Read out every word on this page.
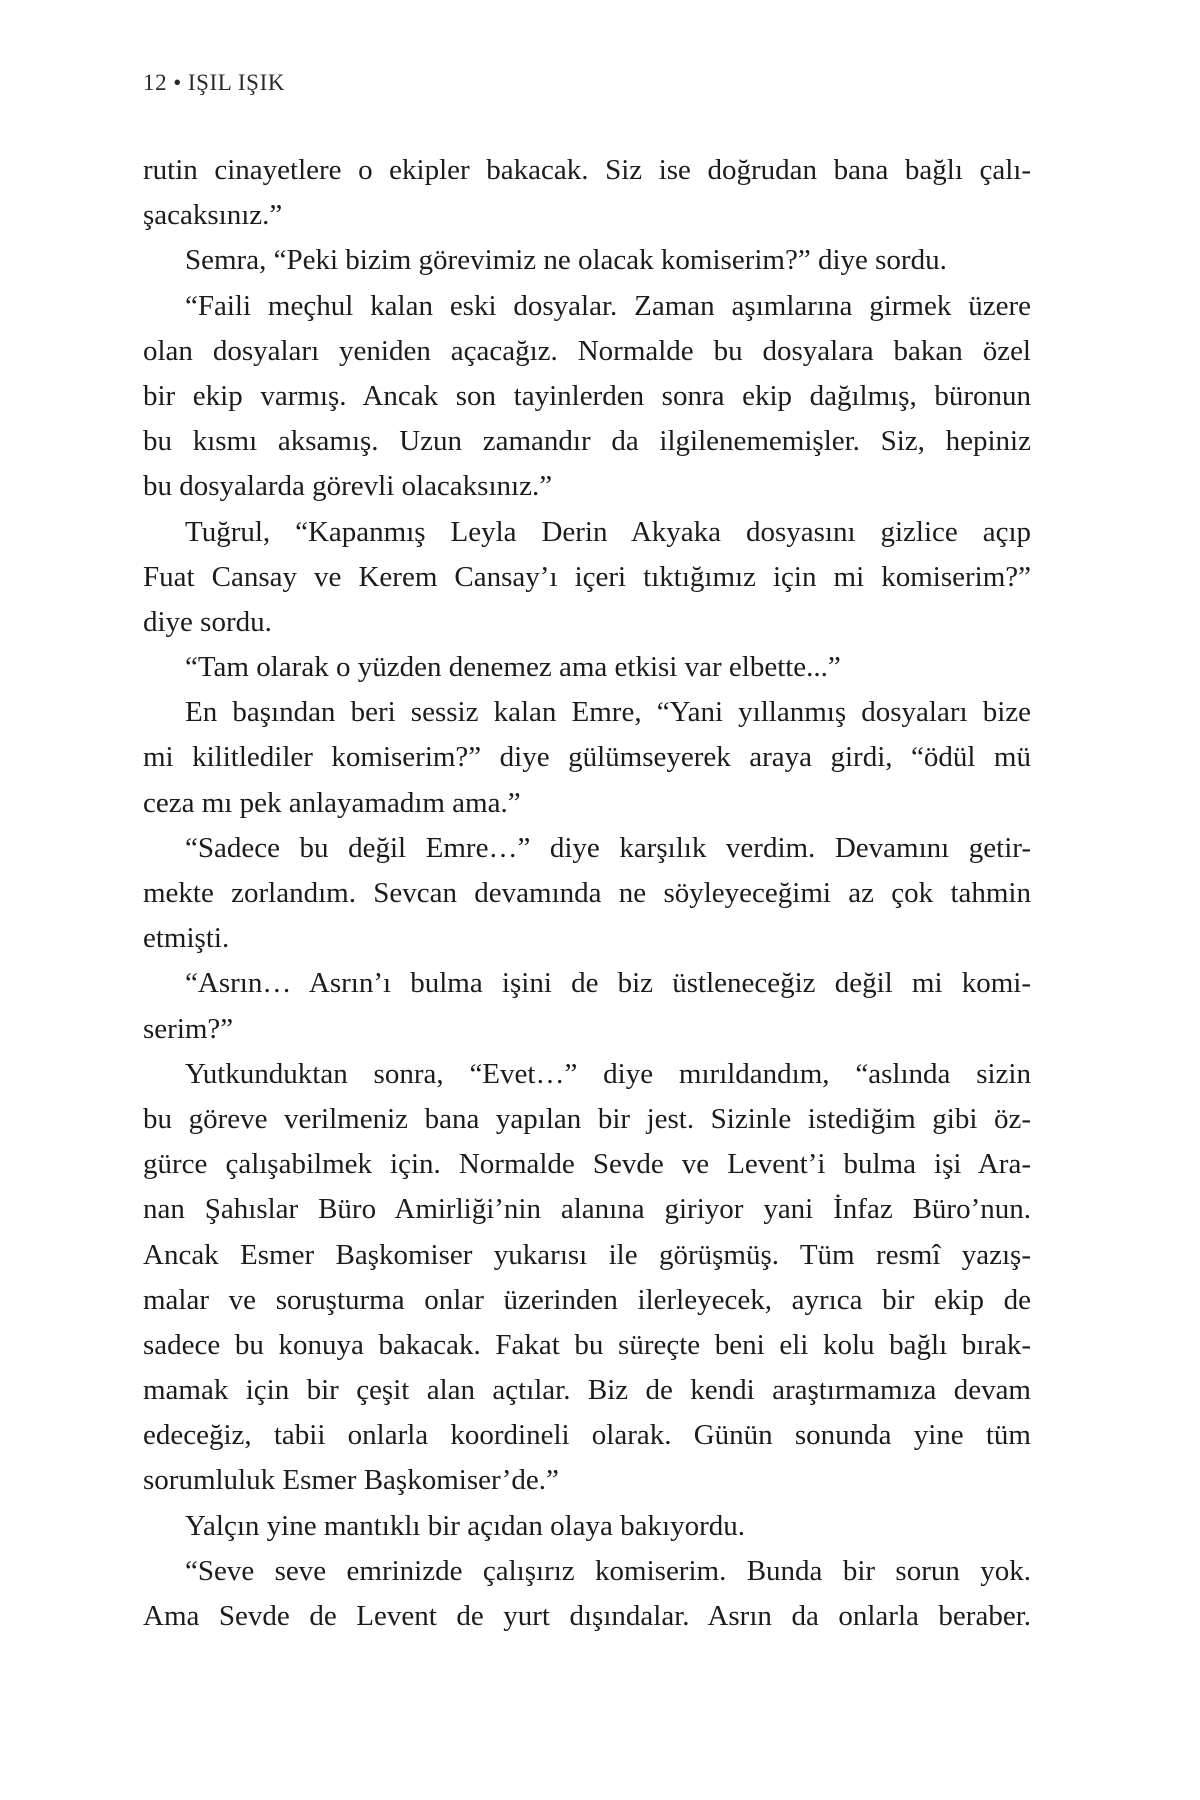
12 • IŞIL IŞIK
rutin cinayetlere o ekipler bakacak. Siz ise doğrudan bana bağlı çalı-
şacaksınız.”
Semra, “Peki bizim görevimiz ne olacak komiserim?” diye sordu.
“Faili meçhul kalan eski dosyalar. Zaman aşımlarına girmek üzere
olan dosyaları yeniden açacağız. Normalde bu dosyalara bakan özel
bir ekip varmış. Ancak son tayinlerden sonra ekip dağılmış, büronun
bu kısmı aksamış. Uzun zamandır da ilgilenememişler. Siz, hepiniz
bu dosyalarda görevli olacaksınız.”
Tuğrul, “Kapanmış Leyla Derin Akyaka dosyasını gizlice açıp
Fuat Cansay ve Kerem Cansay’ı içeri tıktığımız için mi komiserim?”
diye sordu.
“Tam olarak o yüzden denemez ama etkisi var elbette...”
En başından beri sessiz kalan Emre, “Yani yıllanmış dosyaları bize
mi kilitlediler komiserim?” diye gülümseyerek araya girdi, “ödül mü
ceza mı pek anlayamadım ama.”
“Sadece bu değil Emre…” diye karşılık verdim. Devamını getir-
mekte zorlandım. Sevcan devamında ne söyleyeceğimi az çok tahmin
etmişti.
“Asrın… Asrın’ı bulma işini de biz üstleneceğiz değil mi komi-
serim?”
Yutkunduktan sonra, “Evet…” diye mırıldandım, “aslında sizin
bu göreve verilmeniz bana yapılan bir jest. Sizinle istediğim gibi öz-
gürce çalışabilmek için. Normalde Sevde ve Levent’i bulma işi Ara-
nan Şahıslar Büro Amirliği’nin alanına giriyor yani İnfaz Büro’nun.
Ancak Esmer Başkomiser yukarısı ile görüşmüş. Tüm resmî yazış-
malar ve soruşturma onlar üzerinden ilerleyecek, ayrıca bir ekip de
sadece bu konuya bakacak. Fakat bu süreçte beni eli kolu bağlı bırak-
mamak için bir çeşit alan açtılar. Biz de kendi araştırmamıza devam
edeceğiz, tabii onlarla koordineli olarak. Günün sonunda yine tüm
sorumluluk Esmer Başkomiser’de.”
Yalçın yine mantıklı bir açıdan olaya bakıyordu.
“Seve seve emrinizde çalışırız komiserim. Bunda bir sorun yok.
Ama Sevde de Levent de yurt dışındalar. Asrın da onlarla beraber.
